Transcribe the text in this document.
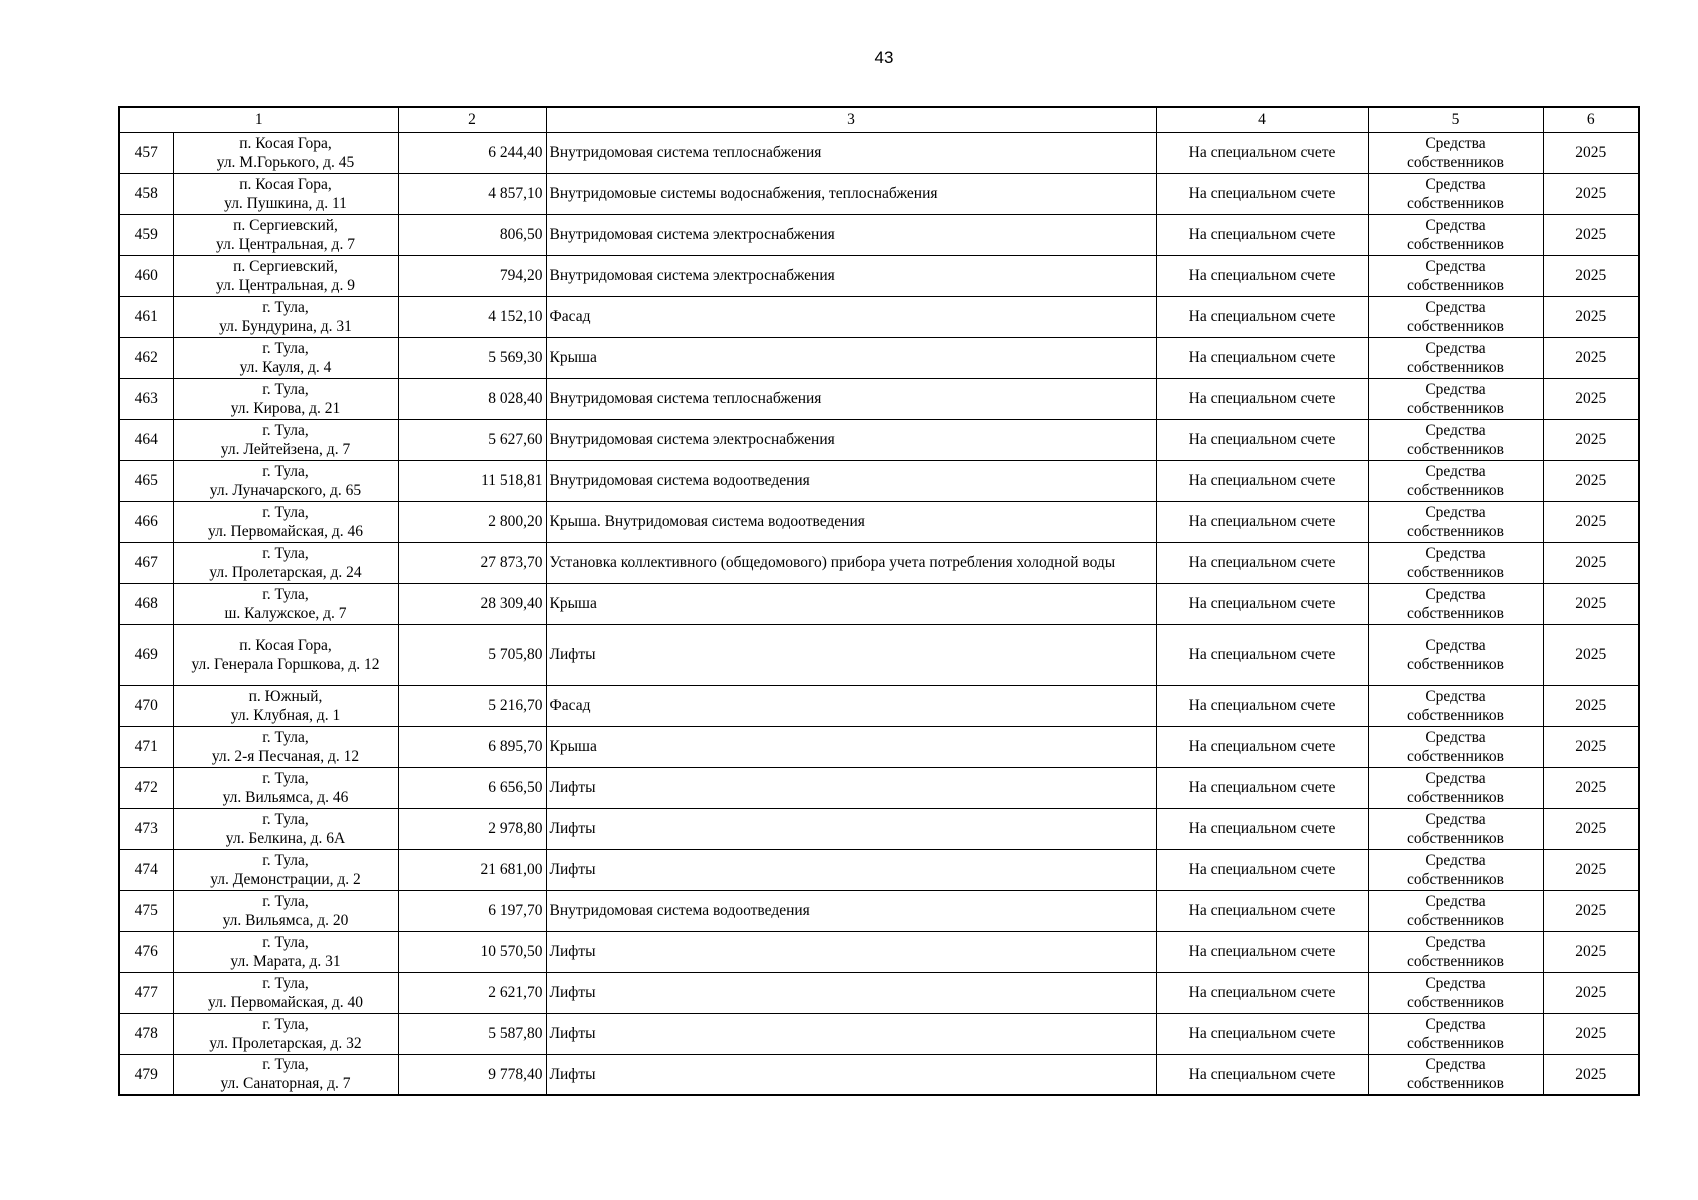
43
1		2	3	4	5	6
457	п. Косая Гора,
ул. М.Горького, д. 45	6 244,40	Внутридомовая система теплоснабжения	На специальном счете	Средства
собственников	2025
458	п. Косая Гора,
ул. Пушкина, д. 11	4 857,10	Внутридомовые системы водоснабжения, теплоснабжения	На специальном счете	Средства
собственников	2025
459	п. Сергиевский,
ул. Центральная, д. 7	806,50	Внутридомовая система электроснабжения	На специальном счете	Средства
собственников	2025
460	п. Сергиевский,
ул. Центральная, д. 9	794,20	Внутридомовая система электроснабжения	На специальном счете	Средства
собственников	2025
461	г. Тула,
ул. Бундурина, д. 31	4 152,10	Фасад	На специальном счете	Средства
собственников	2025
462	г. Тула,
ул. Кауля, д. 4	5 569,30	Крыша	На специальном счете	Средства
собственников	2025
463	г. Тула,
ул. Кирова, д. 21	8 028,40	Внутридомовая система теплоснабжения	На специальном счете	Средства
собственников	2025
464	г. Тула,
ул. Лейтейзена, д. 7	5 627,60	Внутридомовая система электроснабжения	На специальном счете	Средства
собственников	2025
465	г. Тула,
ул. Луначарского, д. 65	11 518,81	Внутридомовая система водоотведения	На специальном счете	Средства
собственников	2025
466	г. Тула,
ул. Первомайская, д. 46	2 800,20	Крыша. Внутридомовая система водоотведения	На специальном счете	Средства
собственников	2025
467	г. Тула,
ул. Пролетарская, д. 24	27 873,70	Установка коллективного (общедомового) прибора учета потребления холодной воды	На специальном счете	Средства
собственников	2025
468	г. Тула,
ш. Калужское, д. 7	28 309,40	Крыша	На специальном счете	Средства
собственников	2025
469	п. Косая Гора,
ул. Генерала Горшкова, д. 12	5 705,80	Лифты	На специальном счете	Средства
собственников	2025
470	п. Южный,
ул. Клубная, д. 1	5 216,70	Фасад	На специальном счете	Средства
собственников	2025
471	г. Тула,
ул. 2-я Песчаная, д. 12	6 895,70	Крыша	На специальном счете	Средства
собственников	2025
472	г. Тула,
ул. Вильямса, д. 46	6 656,50	Лифты	На специальном счете	Средства
собственников	2025
473	г. Тула,
ул. Белкина, д. 6А	2 978,80	Лифты	На специальном счете	Средства
собственников	2025
474	г. Тула,
ул. Демонстрации, д. 2	21 681,00	Лифты	На специальном счете	Средства
собственников	2025
475	г. Тула,
ул. Вильямса, д. 20	6 197,70	Внутридомовая система водоотведения	На специальном счете	Средства
собственников	2025
476	г. Тула,
ул. Марата, д. 31	10 570,50	Лифты	На специальном счете	Средства
собственников	2025
477	г. Тула,
ул. Первомайская, д. 40	2 621,70	Лифты	На специальном счете	Средства
собственников	2025
478	г. Тула,
ул. Пролетарская, д. 32	5 587,80	Лифты	На специальном счете	Средства
собственников	2025
479	г. Тула,
ул. Санаторная, д. 7	9 778,40	Лифты	На специальном счете	Средства
собственников	2025
